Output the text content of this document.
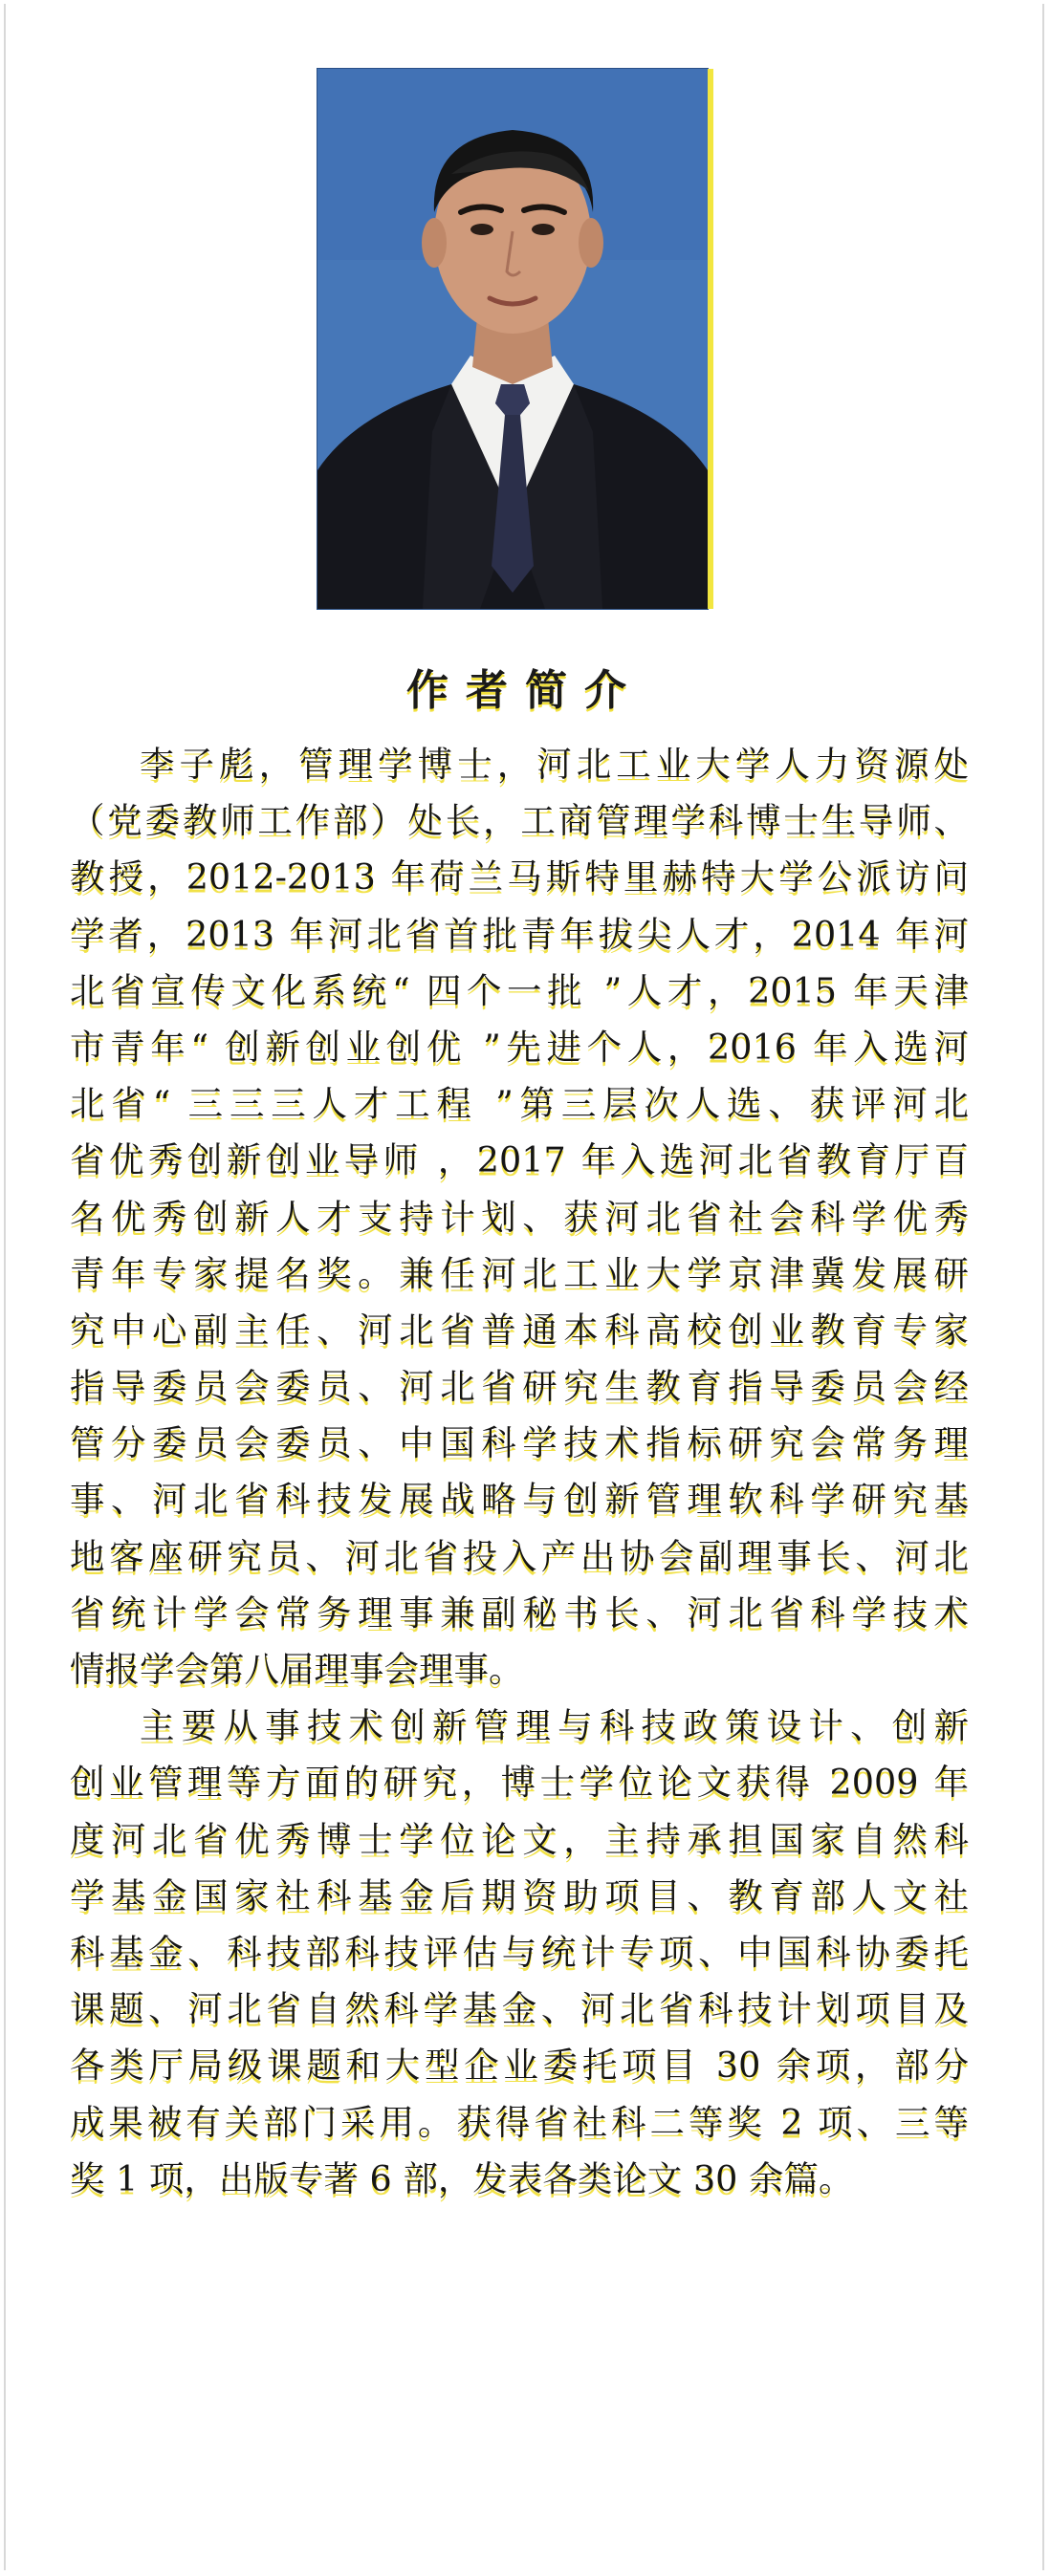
作者简介
李子彪，管理学博士，河北工业大学人力资源处
（党委教师工作部）处长，工商管理学科博士生导师、
教授，2012-2013 年荷兰马斯特里赫特大学公派访问
学者，2013 年河北省首批青年拔尖人才，2014 年河
北省宣传文化系统“ 四个一批 ”人才，2015 年天津
市青年“ 创新创业创优 ”先进个人，2016 年入选河
北省“ 三三三人才工程 ”第三层次人选、获评河北
省优秀创新创业导师 ，2017 年入选河北省教育厅百
名优秀创新人才支持计划、获河北省社会科学优秀
青年专家提名奖。兼任河北工业大学京津冀发展研
究中心副主任、河北省普通本科高校创业教育专家
指导委员会委员、河北省研究生教育指导委员会经
管分委员会委员、中国科学技术指标研究会常务理
事、河北省科技发展战略与创新管理软科学研究基
地客座研究员、河北省投入产出协会副理事长、河北
省统计学会常务理事兼副秘书长、河北省科学技术
情报学会第八届理事会理事。
主要从事技术创新管理与科技政策设计、创新
创业管理等方面的研究，博士学位论文获得 2009 年
度河北省优秀博士学位论文，主持承担国家自然科
学基金国家社科基金后期资助项目、教育部人文社
科基金、科技部科技评估与统计专项、中国科协委托
课题、河北省自然科学基金、河北省科技计划项目及
各类厅局级课题和大型企业委托项目 30 余项，部分
成果被有关部门采用。获得省社科二等奖 2 项、三等
奖 1 项，出版专著 6 部，发表各类论文 30 余篇。
